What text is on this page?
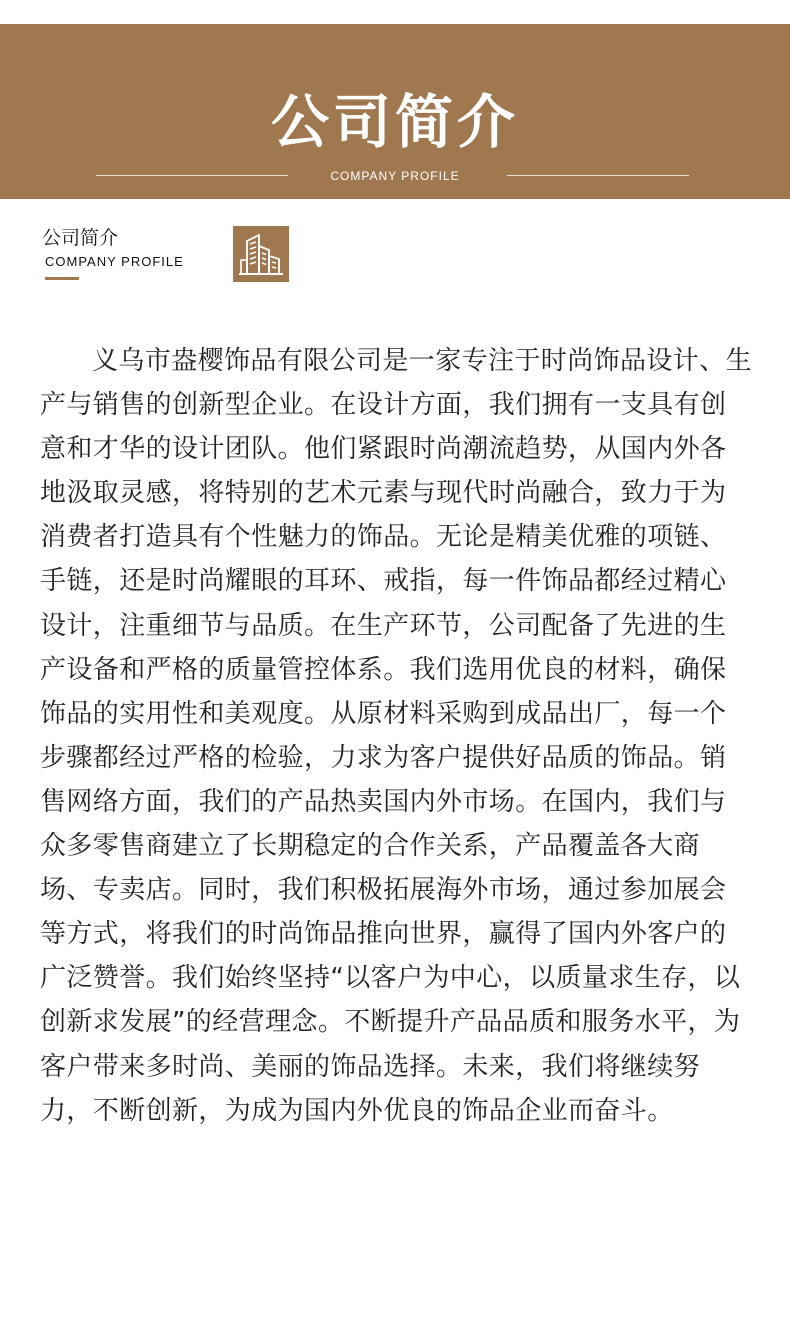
公司简介
COMPANY PROFILE
公司简介
COMPANY PROFILE

义乌市盎樱饰品有限公司是一家专注于时尚饰品设计、生产与销售的创新型企业。在设计方面，我们拥有一支具有创意和才华的设计团队。他们紧跟时尚潮流趋势，从国内外各地汲取灵感，将特别的艺术元素与现代时尚融合，致力于为消费者打造具有个性魅力的饰品。无论是精美优雅的项链、手链，还是时尚耀眼的耳环、戒指，每一件饰品都经过精心设计，注重细节与品质。在生产环节，公司配备了先进的生产设备和严格的质量管控体系。我们选用优良的材料，确保饰品的实用性和美观度。从原材料采购到成品出厂，每一个步骤都经过严格的检验，力求为客户提供好品质的饰品。销售网络方面，我们的产品热卖国内外市场。在国内，我们与众多零售商建立了长期稳定的合作关系，产品覆盖各大商场、专卖店。同时，我们积极拓展海外市场，通过参加展会等方式，将我们的时尚饰品推向世界，赢得了国内外客户的广泛赞誉。我们始终坚持“以客户为中心，以质量求生存，以创新求发展”的经营理念。不断提升产品品质和服务水平，为客户带来多时尚、美丽的饰品选择。未来，我们将继续努力，不断创新，为成为国内外优良的饰品企业而奋斗。
